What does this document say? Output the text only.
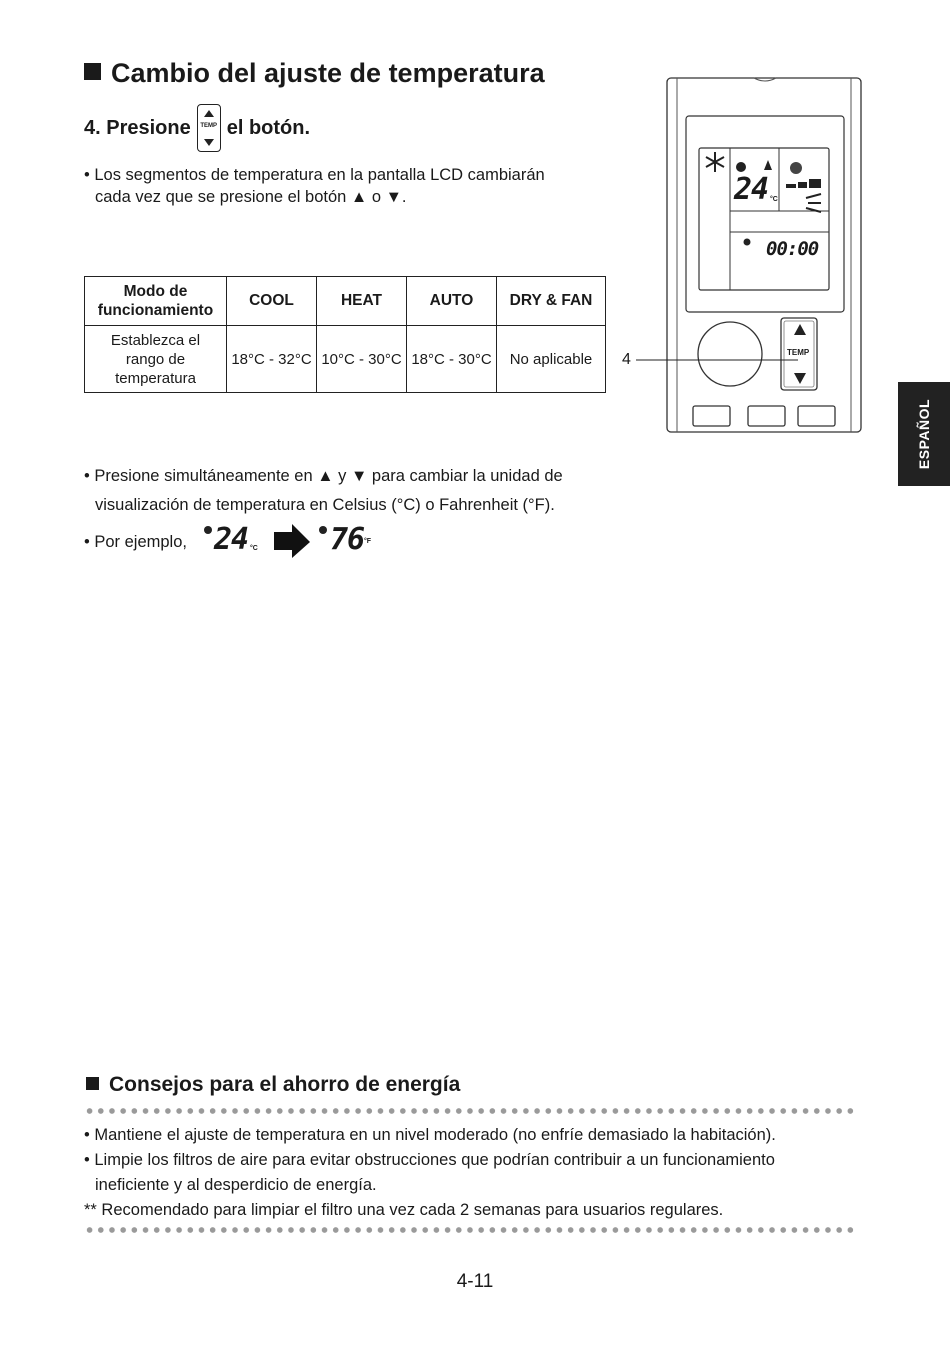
Cambio del ajuste de temperatura
4. Presione	TEMP el botón.
• Los segmentos de temperatura en la pantalla LCD cambiarán
cada vez que se presione el botón ▲ o ▼.
Modo de funcionamiento	COOL	HEAT	AUTO	DRY & FAN
Establezca el rango de temperatura	18°C - 32°C	10°C - 30°C	18°C - 30°C	No aplicable
24 °C
00:00
TEMP
4
ESPAÑOL
• Presione simultáneamente en ▲ y ▼ para cambiar la unidad de
visualización de temperatura en Celsius (°C) o Fahrenheit (°F).
• Por ejemplo, 24 °C 76 °F
Consejos para el ahorro de energía
• Mantiene el ajuste de temperatura en un nivel moderado (no enfríe demasiado la habitación).
• Limpie los filtros de aire para evitar obstrucciones que podrían contribuir a un funcionamiento
ineficiente y al desperdicio de energía.
** Recomendado para limpiar el filtro una vez cada 2 semanas para usuarios regulares.
4-11
